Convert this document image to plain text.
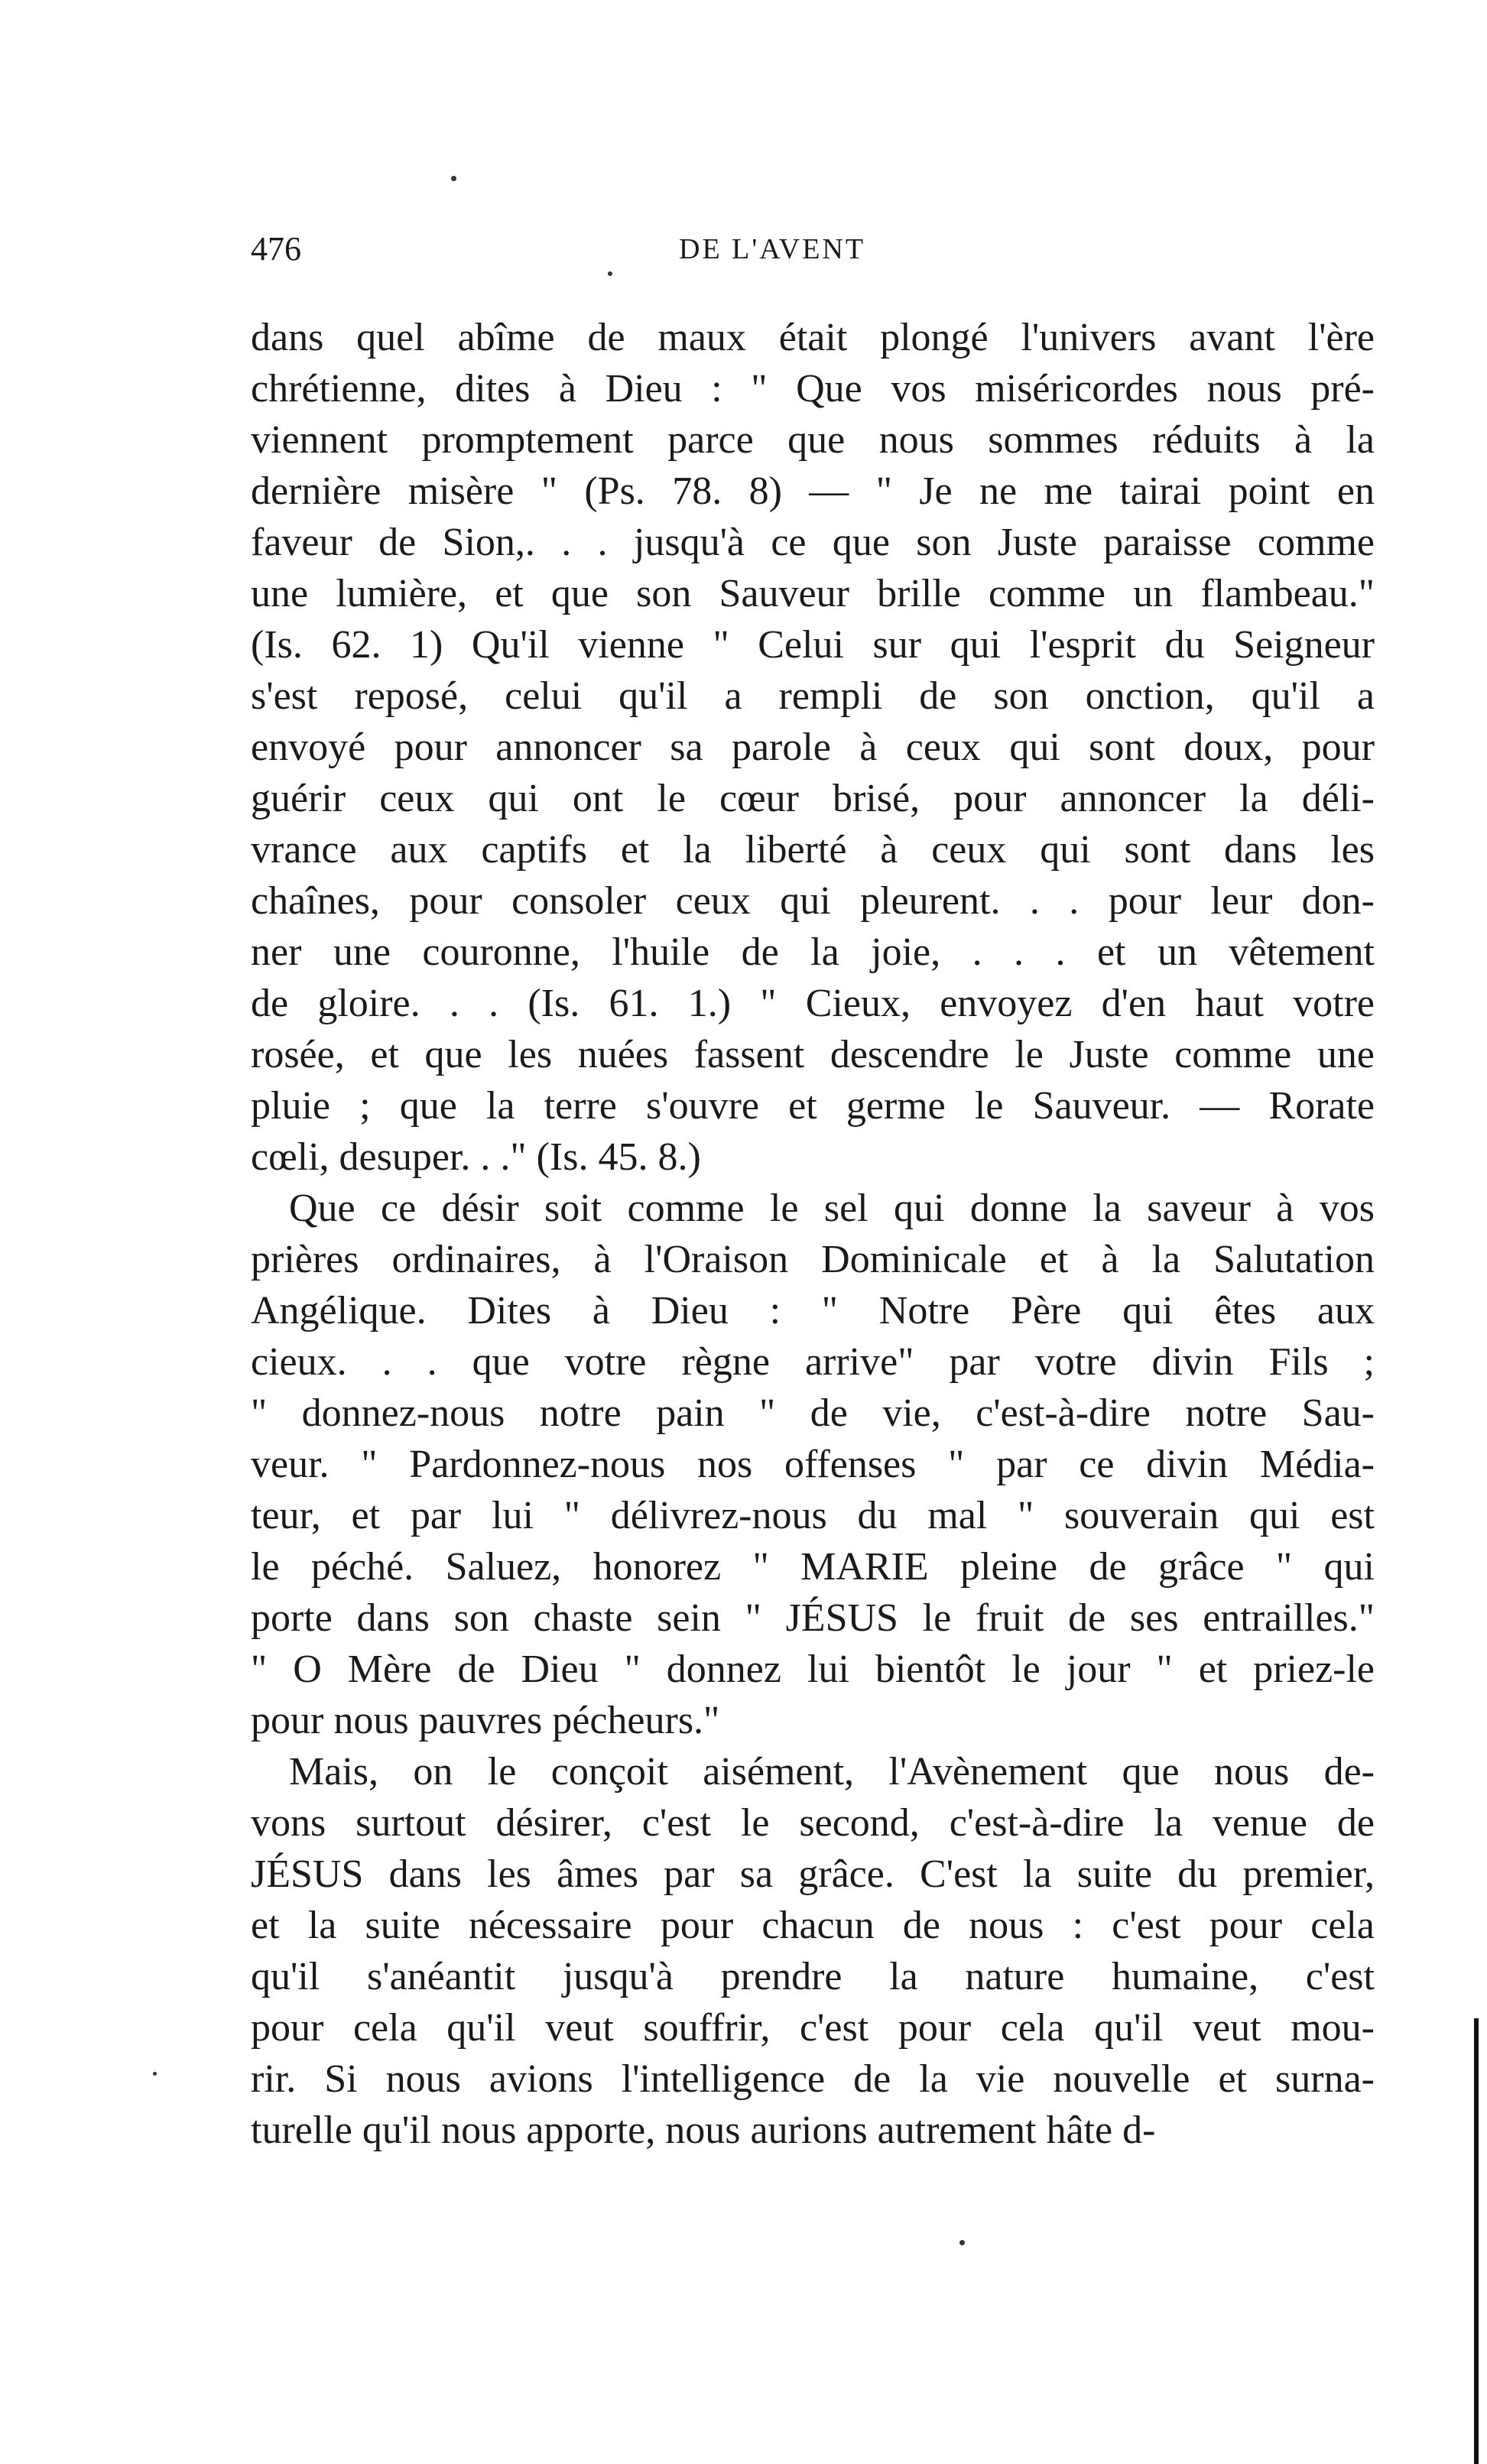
476	DE L'AVENT
dans quel abîme de maux était plongé l'univers avant l'ère
chrétienne, dites à Dieu : " Que vos miséricordes nous pré-
viennent promptement parce que nous sommes réduits à la
dernière misère " (Ps. 78. 8) — " Je ne me tairai point en
faveur de Sion,. . . jusqu'à ce que son Juste paraisse comme
une lumière, et que son Sauveur brille comme un flambeau."
(Is. 62. 1) Qu'il vienne " Celui sur qui l'esprit du Seigneur
s'est reposé, celui qu'il a rempli de son onction, qu'il a
envoyé pour annoncer sa parole à ceux qui sont doux, pour
guérir ceux qui ont le cœur brisé, pour annoncer la déli-
vrance aux captifs et la liberté à ceux qui sont dans les
chaînes, pour consoler ceux qui pleurent. . . pour leur don-
ner une couronne, l'huile de la joie, . . . et un vêtement
de gloire. . . (Is. 61. 1.) " Cieux, envoyez d'en haut votre
rosée, et que les nuées fassent descendre le Juste comme une
pluie ; que la terre s'ouvre et germe le Sauveur. — Rorate
cœli, desuper. . ." (Is. 45. 8.)
Que ce désir soit comme le sel qui donne la saveur à vos
prières ordinaires, à l'Oraison Dominicale et à la Salutation
Angélique. Dites à Dieu : " Notre Père qui êtes aux
cieux. . . que votre règne arrive" par votre divin Fils ;
" donnez-nous notre pain " de vie, c'est-à-dire notre Sau-
veur. " Pardonnez-nous nos offenses " par ce divin Média-
teur, et par lui " délivrez-nous du mal " souverain qui est
le péché. Saluez, honorez " MARIE pleine de grâce " qui
porte dans son chaste sein " JÉSUS le fruit de ses entrailles."
" O Mère de Dieu " donnez lui bientôt le jour " et priez-le
pour nous pauvres pécheurs."
Mais, on le conçoit aisément, l'Avènement que nous de-
vons surtout désirer, c'est le second, c'est-à-dire la venue de
JÉSUS dans les âmes par sa grâce. C'est la suite du premier,
et la suite nécessaire pour chacun de nous : c'est pour cela
qu'il s'anéantit jusqu'à prendre la nature humaine, c'est
pour cela qu'il veut souffrir, c'est pour cela qu'il veut mou-
rir. Si nous avions l'intelligence de la vie nouvelle et surna-
turelle qu'il nous apporte, nous aurions autrement hâte d-
